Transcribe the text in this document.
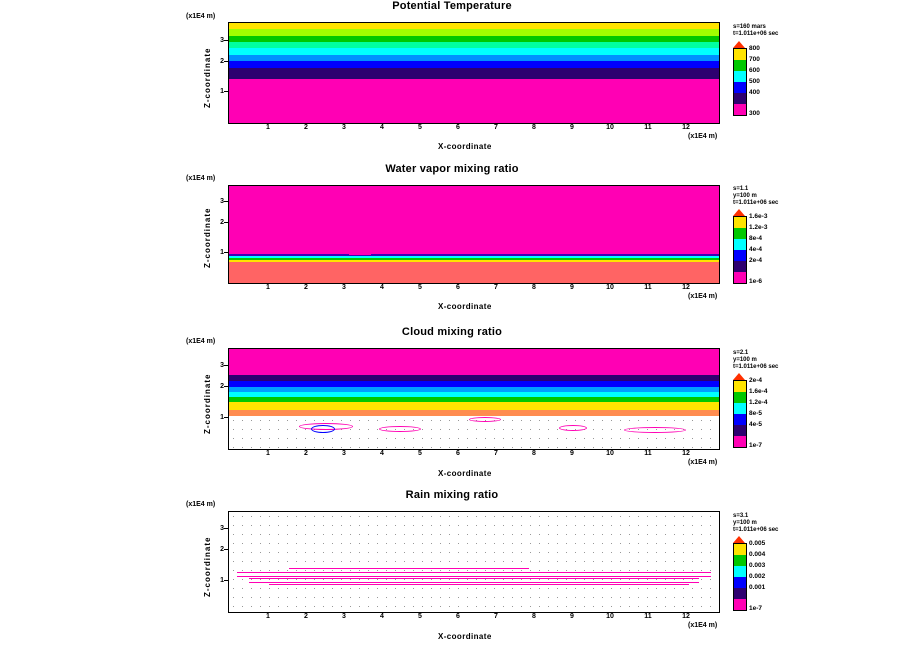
Potential Temperature
(x1E4 m)
3
2
1
Z-coordinate
1	2	3	4	5	6	7	8	9	10	11	12
(x1E4 m)
X-coordinate
s=160 mars
t=1.011e+06 sec
800
700
600
500
400
300
Water vapor mixing ratio
(x1E4 m)
3
2
1
Z-coordinate
1	2	3	4	5	6	7	8	9	10	11	12
(x1E4 m)
X-coordinate
s=1.1
y=100 m
t=1.011e+06 sec
1.6e-3
1.2e-3
8e-4
4e-4
2e-4
1e-6
Cloud mixing ratio
(x1E4 m)
3
2
1
Z-coordinate
1	2	3	4	5	6	7	8	9	10	11	12
(x1E4 m)
X-coordinate
s=2.1
y=100 m
t=1.011e+06 sec
2e-4
1.6e-4
1.2e-4
8e-5
4e-5
1e-7
Rain mixing ratio
(x1E4 m)
3
2
1
Z-coordinate
1	2	3	4	5	6	7	8	9	10	11	12
(x1E4 m)
X-coordinate
s=3.1
y=100 m
t=1.011e+06 sec
0.005
0.004
0.003
0.002
0.001
1e-7
